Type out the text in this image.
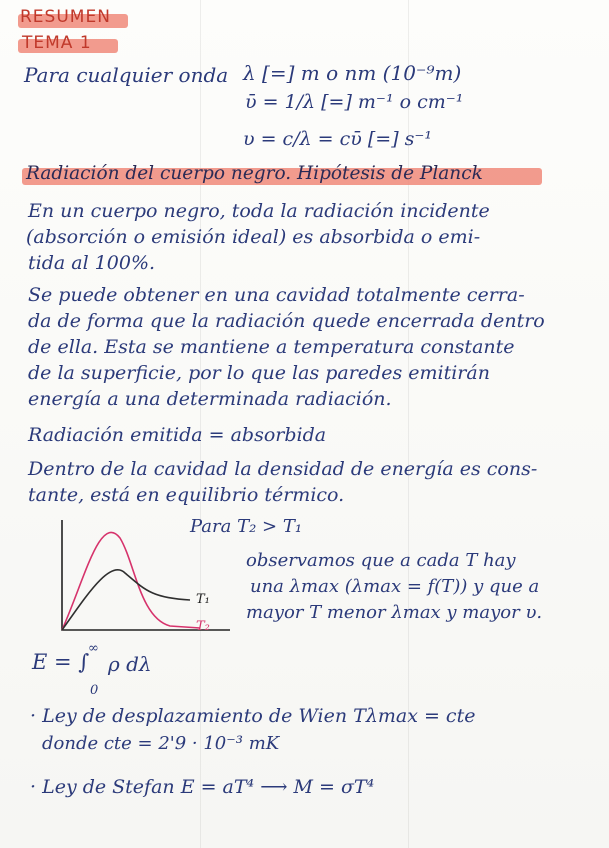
RESUMEN
TEMA 1
Para cualquier onda λ [=] m o nm (10⁻⁹m)
ῡ = 1/λ [=] m⁻¹ o cm⁻¹
υ = c/λ = cῡ [=] s⁻¹
Radiación del cuerpo negro. Hipótesis de Planck
En un cuerpo negro, toda la radiación incidente
(absorción o emisión ideal) es absorbida o emi-
tida al 100%.
Se puede obtener en una cavidad totalmente cerra-
da de forma que la radiación quede encerrada dentro
de ella. Esta se mantiene a temperatura constante
de la superficie, por lo que las paredes emitirán
energía a una determinada radiación.
Radiación emitida = absorbida
Dentro de la cavidad la densidad de energía es cons-
tante, está en equilibrio térmico.
T₁
T₂
Para T₂ > T₁
observamos que a cada T hay
una λmax (λmax = f(T)) y que a
mayor T menor λmax y mayor υ.
E = ∫
∞
0
ρ dλ
· Ley de desplazamiento de Wien Tλmax = cte
donde cte = 2'9 · 10⁻³ mK
· Ley de Stefan E = aT⁴ ⟶ M = σT⁴
